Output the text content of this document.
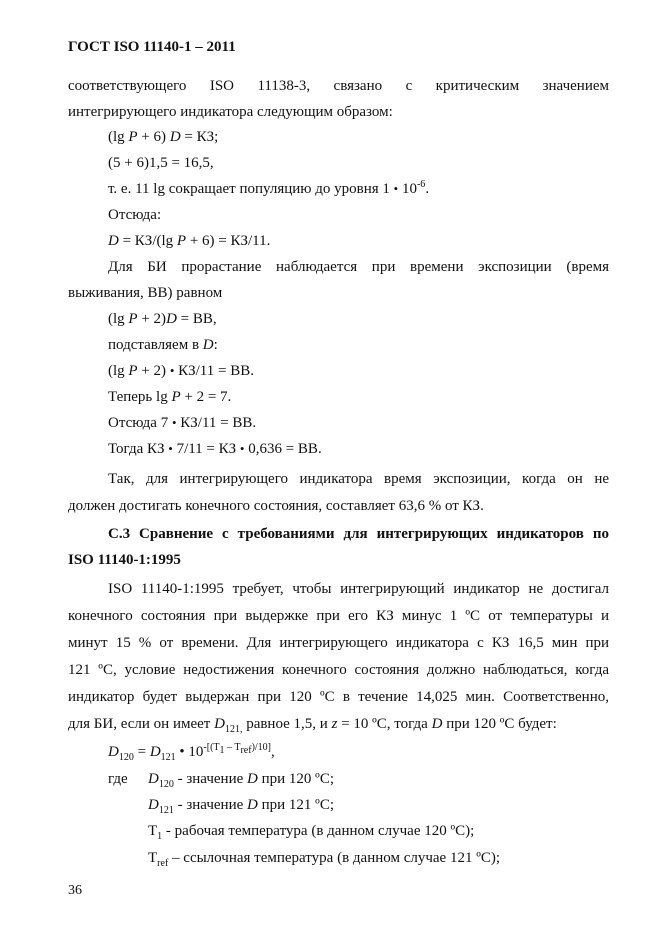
ГОСТ ISO 11140-1 – 2011
соответствующего ISO 11138-3, связано с критическим значением
интегрирующего индикатора следующим образом:
(lg P + 6) D = КЗ;
(5 + 6)1,5 = 16,5,
т. е. 11 lg сокращает популяцию до уровня 1 • $10^{-6}$.
Отсюда:
D = КЗ/(lg P + 6) = КЗ/11.
Для БИ прорастание наблюдается при времени экспозиции (время
выживания, ВВ) равном
(lg P + 2)D = ВВ,
подставляем в D:
(lg P + 2) • КЗ/11 = ВВ.
Теперь lg P + 2 = 7.
Отсюда 7 • КЗ/11 = ВВ.
Тогда КЗ • 7/11 = КЗ • 0,636 = ВВ.
Так, для интегрирующего индикатора время экспозиции, когда он не
должен достигать конечного состояния, составляет 63,6 % от КЗ.
С.3 Сравнение с требованиями для интегрирующих индикаторов по
ISO 11140-1:1995
ISO 11140-1:1995 требует, чтобы интегрирующий индикатор не достигал
конечного состояния при выдержке при его КЗ минус 1 ºС от температуры и
минут 15 % от времени. Для интегрирующего индикатора с КЗ 16,5 мин при
121 ºС, условие недостижения конечного состояния должно наблюдаться, когда
индикатор будет выдержан при 120 ºС в течение 14,025 мин. Соответственно,
для БИ, если он имеет $D_{121,}$ равное 1,5, и z = 10 ºС, тогда D при 120 ºС будет:
$D_{120} = D_{121}$ • $10^{-[(T_1 - T_{ref})/10]}$,
где $D_{120}$ - значение D при 120 ºС;
$D_{121}$ - значение D при 121 ºС;
$T_1$ - рабочая температура (в данном случае 120 ºС);
$T_{ref}$ – ссылочная температура (в данном случае 121 ºС);
36
